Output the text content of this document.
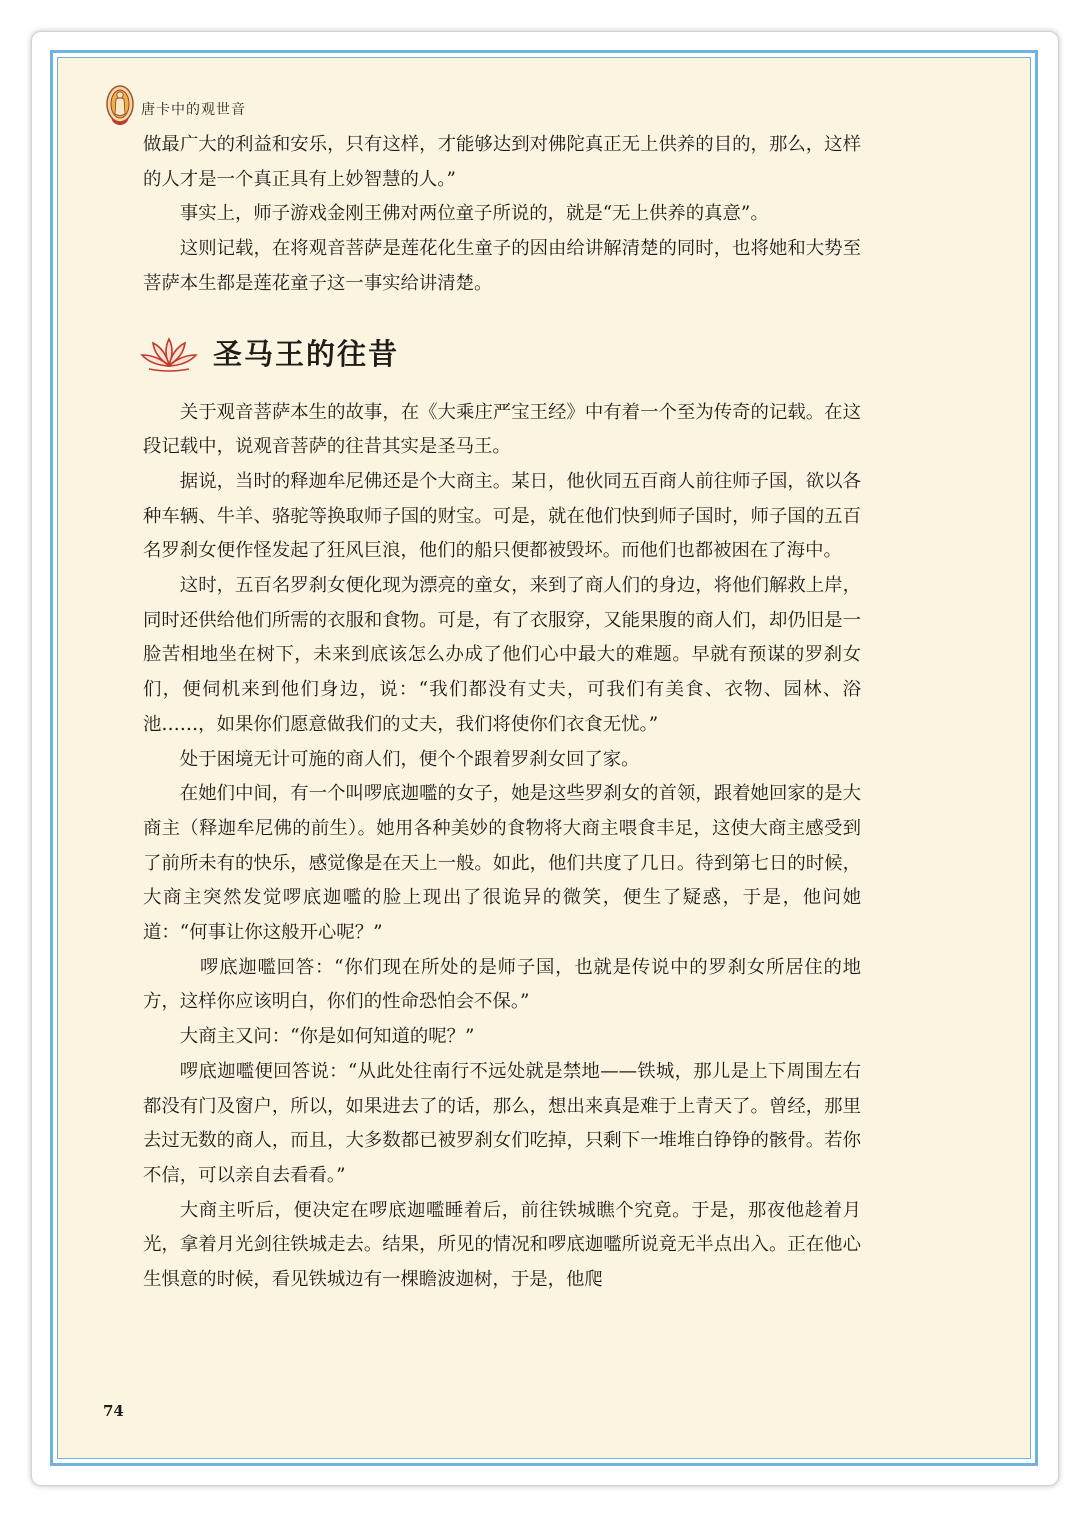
唐卡中的观世音

做最广大的利益和安乐，只有这样，才能够达到对佛陀真正无上供养的目的，那么，这样的人才是一个真正具有上妙智慧的人。”

事实上，师子游戏金刚王佛对两位童子所说的，就是“无上供养的真意”。

这则记载，在将观音菩萨是莲花化生童子的因由给讲解清楚的同时，也将她和大势至菩萨本生都是莲花童子这一事实给讲清楚。

圣马王的往昔

关于观音菩萨本生的故事，在《大乘庄严宝王经》中有着一个至为传奇的记载。在这段记载中，说观音菩萨的往昔其实是圣马王。

据说，当时的释迦牟尼佛还是个大商主。某日，他伙同五百商人前往师子国，欲以各种车辆、牛羊、骆驼等换取师子国的财宝。可是，就在他们快到师子国时，师子国的五百名罗刹女便作怪发起了狂风巨浪，他们的船只便都被毁坏。而他们也都被困在了海中。

这时，五百名罗刹女便化现为漂亮的童女，来到了商人们的身边，将他们解救上岸，同时还供给他们所需的衣服和食物。可是，有了衣服穿，又能果腹的商人们，却仍旧是一脸苦相地坐在树下，未来到底该怎么办成了他们心中最大的难题。早就有预谋的罗刹女们，便伺机来到他们身边，说：“我们都没有丈夫，可我们有美食、衣物、园林、浴池……，如果你们愿意做我们的丈夫，我们将使你们衣食无忧。”

处于困境无计可施的商人们，便个个跟着罗刹女回了家。

在她们中间，有一个叫啰底迦嚂的女子，她是这些罗刹女的首领，跟着她回家的是大商主（释迦牟尼佛的前生）。她用各种美妙的食物将大商主喂食丰足，这使大商主感受到了前所未有的快乐，感觉像是在天上一般。如此，他们共度了几日。待到第七日的时候，大商主突然发觉啰底迦嚂的脸上现出了很诡异的微笑，便生了疑惑，于是，他问她道：“何事让你这般开心呢？”

啰底迦嚂回答：“你们现在所处的是师子国，也就是传说中的罗刹女所居住的地方，这样你应该明白，你们的性命恐怕会不保。”

大商主又问：“你是如何知道的呢？”

啰底迦嚂便回答说：“从此处往南行不远处就是禁地——铁城，那儿是上下周围左右都没有门及窗户，所以，如果进去了的话，那么，想出来真是难于上青天了。曾经，那里去过无数的商人，而且，大多数都已被罗刹女们吃掉，只剩下一堆堆白铮铮的骸骨。若你不信，可以亲自去看看。”

大商主听后，便决定在啰底迦嚂睡着后，前往铁城瞧个究竟。于是，那夜他趁着月光，拿着月光剑往铁城走去。结果，所见的情况和啰底迦嚂所说竟无半点出入。正在他心生惧意的时候，看见铁城边有一棵瞻波迦树，于是，他爬

74
